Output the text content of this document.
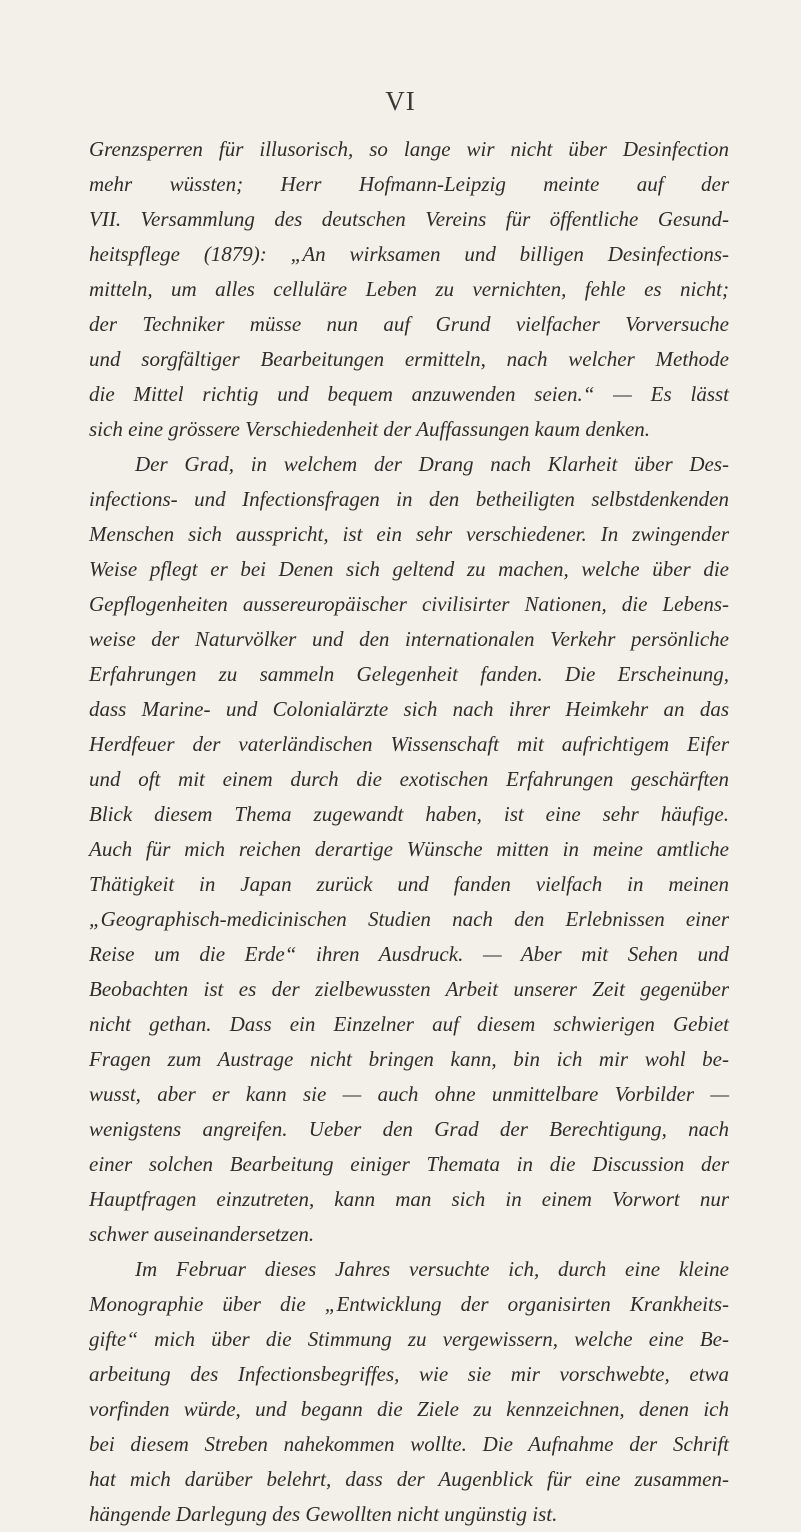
VI
Grenzsperren für illusorisch, so lange wir nicht über Desinfection
mehr wüssten; Herr Hofmann-Leipzig meinte auf der
VII. Versammlung des deutschen Vereins für öffentliche Gesund-
heitspflege (1879): „An wirksamen und billigen Desinfections-
mitteln, um alles celluläre Leben zu vernichten, fehle es nicht;
der Techniker müsse nun auf Grund vielfacher Vorversuche
und sorgfältiger Bearbeitungen ermitteln, nach welcher Methode
die Mittel richtig und bequem anzuwenden seien.“ — Es lässt
sich eine grössere Verschiedenheit der Auffassungen kaum denken.
Der Grad, in welchem der Drang nach Klarheit über Des-
infections- und Infectionsfragen in den betheiligten selbstdenkenden
Menschen sich ausspricht, ist ein sehr verschiedener. In zwingender
Weise pflegt er bei Denen sich geltend zu machen, welche über die
Gepflogenheiten aussereuropäischer civilisirter Nationen, die Lebens-
weise der Naturvölker und den internationalen Verkehr persönliche
Erfahrungen zu sammeln Gelegenheit fanden. Die Erscheinung,
dass Marine- und Colonialärzte sich nach ihrer Heimkehr an das
Herdfeuer der vaterländischen Wissenschaft mit aufrichtigem Eifer
und oft mit einem durch die exotischen Erfahrungen geschärften
Blick diesem Thema zugewandt haben, ist eine sehr häufige.
Auch für mich reichen derartige Wünsche mitten in meine amtliche
Thätigkeit in Japan zurück und fanden vielfach in meinen
„Geographisch-medicinischen Studien nach den Erlebnissen einer
Reise um die Erde“ ihren Ausdruck. — Aber mit Sehen und
Beobachten ist es der zielbewussten Arbeit unserer Zeit gegenüber
nicht gethan. Dass ein Einzelner auf diesem schwierigen Gebiet
Fragen zum Austrage nicht bringen kann, bin ich mir wohl be-
wusst, aber er kann sie — auch ohne unmittelbare Vorbilder —
wenigstens angreifen. Ueber den Grad der Berechtigung, nach
einer solchen Bearbeitung einiger Themata in die Discussion der
Hauptfragen einzutreten, kann man sich in einem Vorwort nur
schwer auseinandersetzen.
Im Februar dieses Jahres versuchte ich, durch eine kleine
Monographie über die „Entwicklung der organisirten Krankheits-
gifte“ mich über die Stimmung zu vergewissern, welche eine Be-
arbeitung des Infectionsbegriffes, wie sie mir vorschwebte, etwa
vorfinden würde, und begann die Ziele zu kennzeichnen, denen ich
bei diesem Streben nahekommen wollte. Die Aufnahme der Schrift
hat mich darüber belehrt, dass der Augenblick für eine zusammen-
hängende Darlegung des Gewollten nicht ungünstig ist.
